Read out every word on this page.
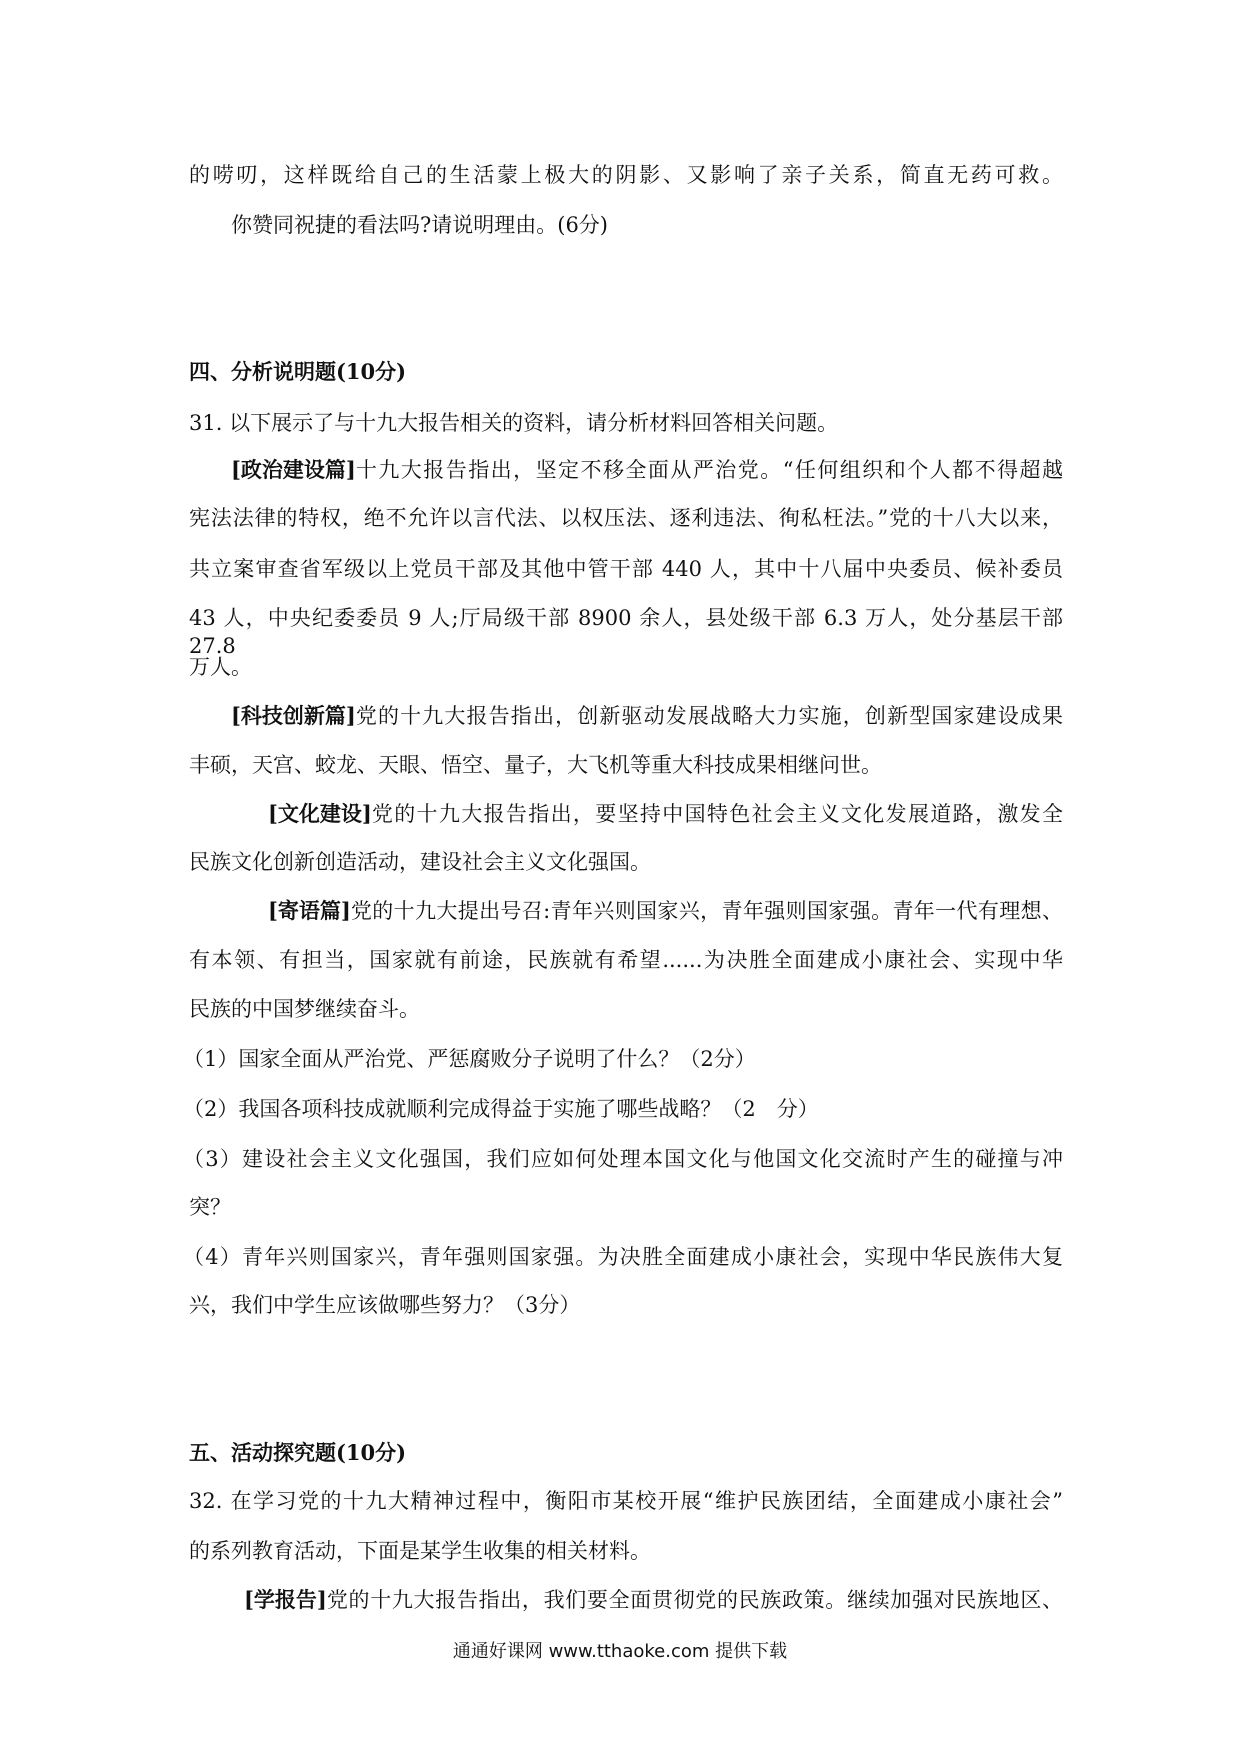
的唠叨，这样既给自己的生活蒙上极大的阴影、又影响了亲子关系，简直无药可救。
你赞同祝捷的看法吗?请说明理由。(6分)
四、分析说明题(10分)
31. 以下展示了与十九大报告相关的资料，请分析材料回答相关问题。
[政治建设篇] 十九大报告指出，坚定不移全面从严治党。“任何组织和个人都不得超越
宪法法律的特权，绝不允许以言代法、以权压法、逐利违法、徇私枉法。”党的十八大以来，
共立案审查省军级以上党员干部及其他中管干部 440 人，其中十八届中央委员、候补委员
43 人，中央纪委委员 9 人;厅局级干部 8900 余人，县处级干部 6.3 万人，处分基层干部 27.8
万人。
[科技创新篇] 党的十九大报告指出，创新驱动发展战略大力实施，创新型国家建设成果
丰硕，天宫、蛟龙、天眼、悟空、量子，大飞机等重大科技成果相继问世。
[文化建设] 党的十九大报告指出，要坚持中国特色社会主义文化发展道路，激发全
民族文化创新创造活动，建设社会主义文化强国。
[寄语篇] 党的十九大提出号召:青年兴则国家兴，青年强则国家强。青年一代有理想、
有本领、有担当，国家就有前途，民族就有希望......为决胜全面建成小康社会、实现中华
民族的中国梦继续奋斗。
（1）国家全面从严治党、严惩腐败分子说明了什么？（2分）
（2）我国各项科技成就顺利完成得益于实施了哪些战略？（2　分）
（3）建设社会主义文化强国，我们应如何处理本国文化与他国文化交流时产生的碰撞与冲
突？
（4）青年兴则国家兴，青年强则国家强。为决胜全面建成小康社会，实现中华民族伟大复
兴，我们中学生应该做哪些努力？（3分）
五、活动探究题(10分)
32. 在学习党的十九大精神过程中，衡阳市某校开展“维护民族团结，全面建成小康社会”
的系列教育活动，下面是某学生收集的相关材料。
[学报告] 党的十九大报告指出，我们要全面贯彻党的民族政策。继续加强对民族地区、
通通好课网 www.tthaoke.com 提供下载
